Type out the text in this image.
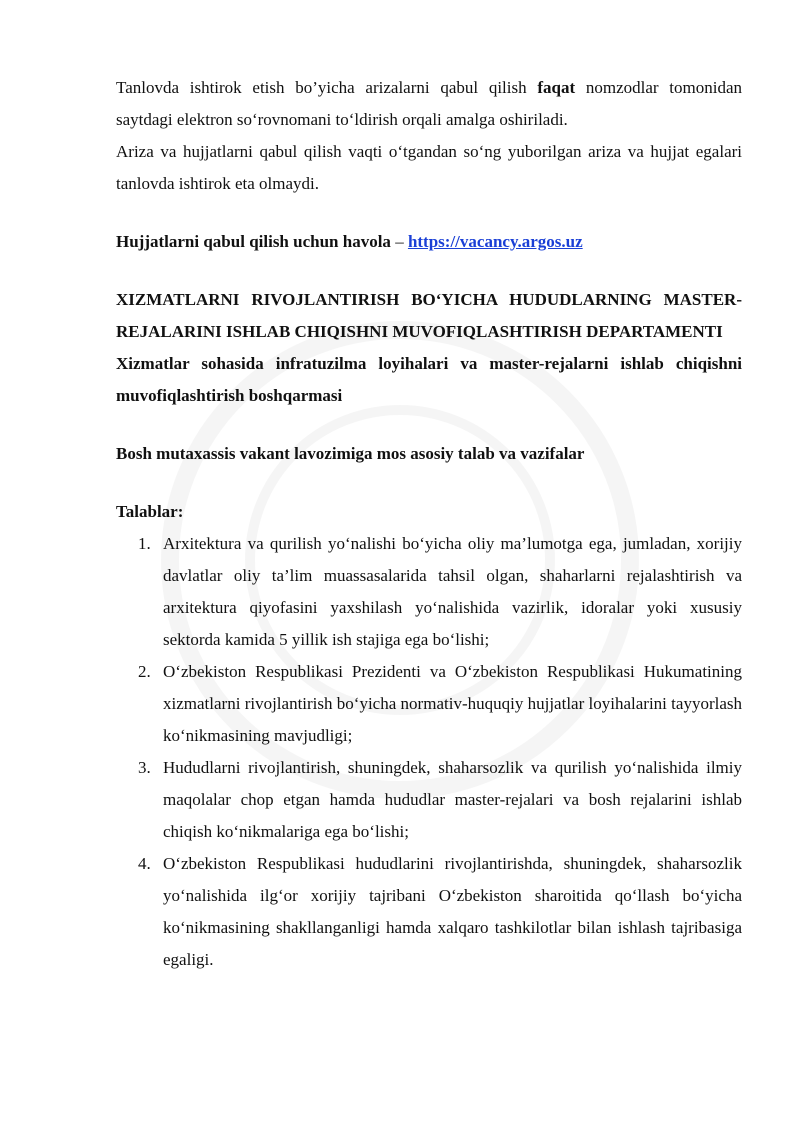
Tanlovda ishtirok etish bo’yicha arizalarni qabul qilish faqat nomzodlar tomonidan saytdagi elektron so‘rovnomani to‘ldirish orqali amalga oshiriladi.

Ariza va hujjatlarni qabul qilish vaqti o‘tgandan so‘ng yuborilgan ariza va hujjat egalari tanlovda ishtirok eta olmaydi.

Hujjatlarni qabul qilish uchun havola – https://vacancy.argos.uz

XIZMATLARNI RIVOJLANTIRISH BO‘YICHA HUDUDLARNING MASTER-REJALARINI ISHLAB CHIQISHNI MUVOFIQLASHTIRISH DEPARTAMENTI

Xizmatlar sohasida infratuzilma loyihalari va master-rejalarni ishlab chiqishni muvofiqlashtirish boshqarmasi

Bosh mutaxassis vakant lavozimiga mos asosiy talab va vazifalar

Talablar:

1. Arxitektura va qurilish yo‘nalishi bo‘yicha oliy ma’lumotga ega, jumladan, xorijiy davlatlar oliy ta’lim muassasalarida tahsil olgan, shaharlarni rejalashtirish va arxitektura qiyofasini yaxshilash yo‘nalishida vazirlik, idoralar yoki xususiy sektorda kamida 5 yillik ish stajiga ega bo‘lishi;
2. O‘zbekiston Respublikasi Prezidenti va O‘zbekiston Respublikasi Hukumatining xizmatlarni rivojlantirish bo‘yicha normativ-huquqiy hujjatlar loyihalarini tayyorlash ko‘nikmasining mavjudligi;
3. Hududlarni rivojlantirish, shuningdek, shaharsozlik va qurilish yo‘nalishida ilmiy maqolalar chop etgan hamda hududlar master-rejalari va bosh rejalarini ishlab chiqish ko‘nikmalariga ega bo‘lishi;
4. O‘zbekiston Respublikasi hududlarini rivojlantirishda, shuningdek, shaharsozlik yo‘nalishida ilg‘or xorijiy tajribani O‘zbekiston sharoitida qo‘llash bo‘yicha ko‘nikmasining shakllanganligi hamda xalqaro tashkilotlar bilan ishlash tajribasiga egaligi.
